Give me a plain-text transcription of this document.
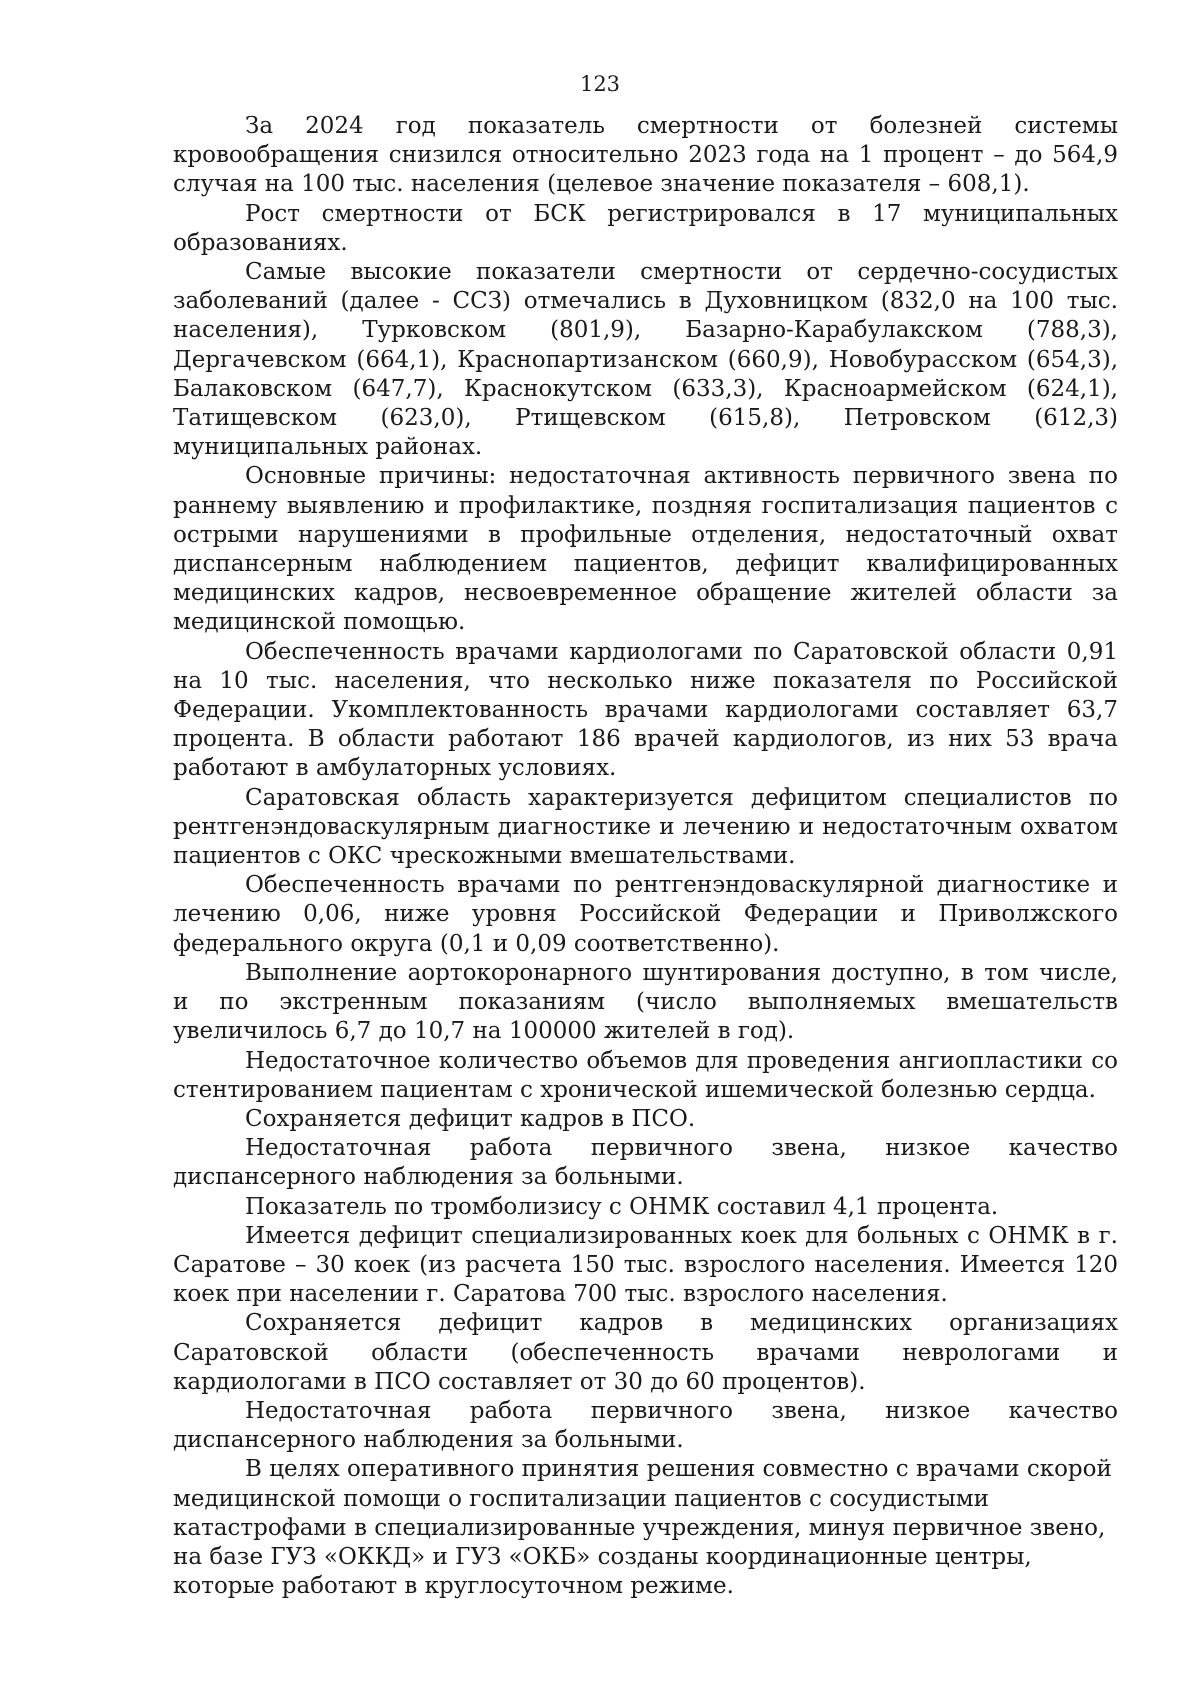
123

За 2024 год показатель смертности от болезней системы кровообращения снизился относительно 2023 года на 1 процент – до 564,9 случая на 100 тыс. населения (целевое значение показателя – 608,1).

Рост смертности от БСК регистрировался в 17 муниципальных образованиях.

Самые высокие показатели смертности от сердечно-сосудистых заболеваний (далее - ССЗ) отмечались в Духовницком (832,0 на 100 тыс. населения), Турковском (801,9), Базарно-Карабулакском (788,3), Дергачевском (664,1), Краснопартизанском (660,9), Новобурасском (654,3), Балаковском (647,7), Краснокутском (633,3), Красноармейском (624,1), Татищевском (623,0), Ртищевском (615,8), Петровском (612,3) муниципальных районах.

Основные причины: недостаточная активность первичного звена по раннему выявлению и профилактике, поздняя госпитализация пациентов с острыми нарушениями в профильные отделения, недостаточный охват диспансерным наблюдением пациентов, дефицит квалифицированных медицинских кадров, несвоевременное обращение жителей области за медицинской помощью.

Обеспеченность врачами кардиологами по Саратовской области 0,91 на 10 тыс. населения, что несколько ниже показателя по Российской Федерации. Укомплектованность врачами кардиологами составляет 63,7 процента. В области работают 186 врачей кардиологов, из них 53 врача работают в амбулаторных условиях.

Саратовская область характеризуется дефицитом специалистов по рентгенэндоваскулярным диагностике и лечению и недостаточным охватом пациентов с ОКС чрескожными вмешательствами.

Обеспеченность врачами по рентгенэндоваскулярной диагностике и лечению 0,06, ниже уровня Российской Федерации и Приволжского федерального округа (0,1 и 0,09 соответственно).

Выполнение аортокоронарного шунтирования доступно, в том числе, и по экстренным показаниям (число выполняемых вмешательств увеличилось 6,7 до 10,7 на 100000 жителей в год).

Недостаточное количество объемов для проведения ангиопластики со стентированием пациентам с хронической ишемической болезнью сердца.

Сохраняется дефицит кадров в ПСО.

Недостаточная работа первичного звена, низкое качество диспансерного наблюдения за больными.

Показатель по тромболизису с ОНМК составил 4,1 процента.

Имеется дефицит специализированных коек для больных с ОНМК в г. Саратове – 30 коек (из расчета 150 тыс. взрослого населения. Имеется 120 коек при населении г. Саратова 700 тыс. взрослого населения.

Сохраняется дефицит кадров в медицинских организациях Саратовской области (обеспеченность врачами неврологами и кардиологами в ПСО составляет от 30 до 60 процентов).

Недостаточная работа первичного звена, низкое качество диспансерного наблюдения за больными.

В целях оперативного принятия решения совместно с врачами скорой медицинской помощи о госпитализации пациентов с сосудистыми катастрофами в специализированные учреждения, минуя первичное звено, на базе ГУЗ «ОККД» и ГУЗ «ОКБ» созданы координационные центры, которые работают в круглосуточном режиме.
